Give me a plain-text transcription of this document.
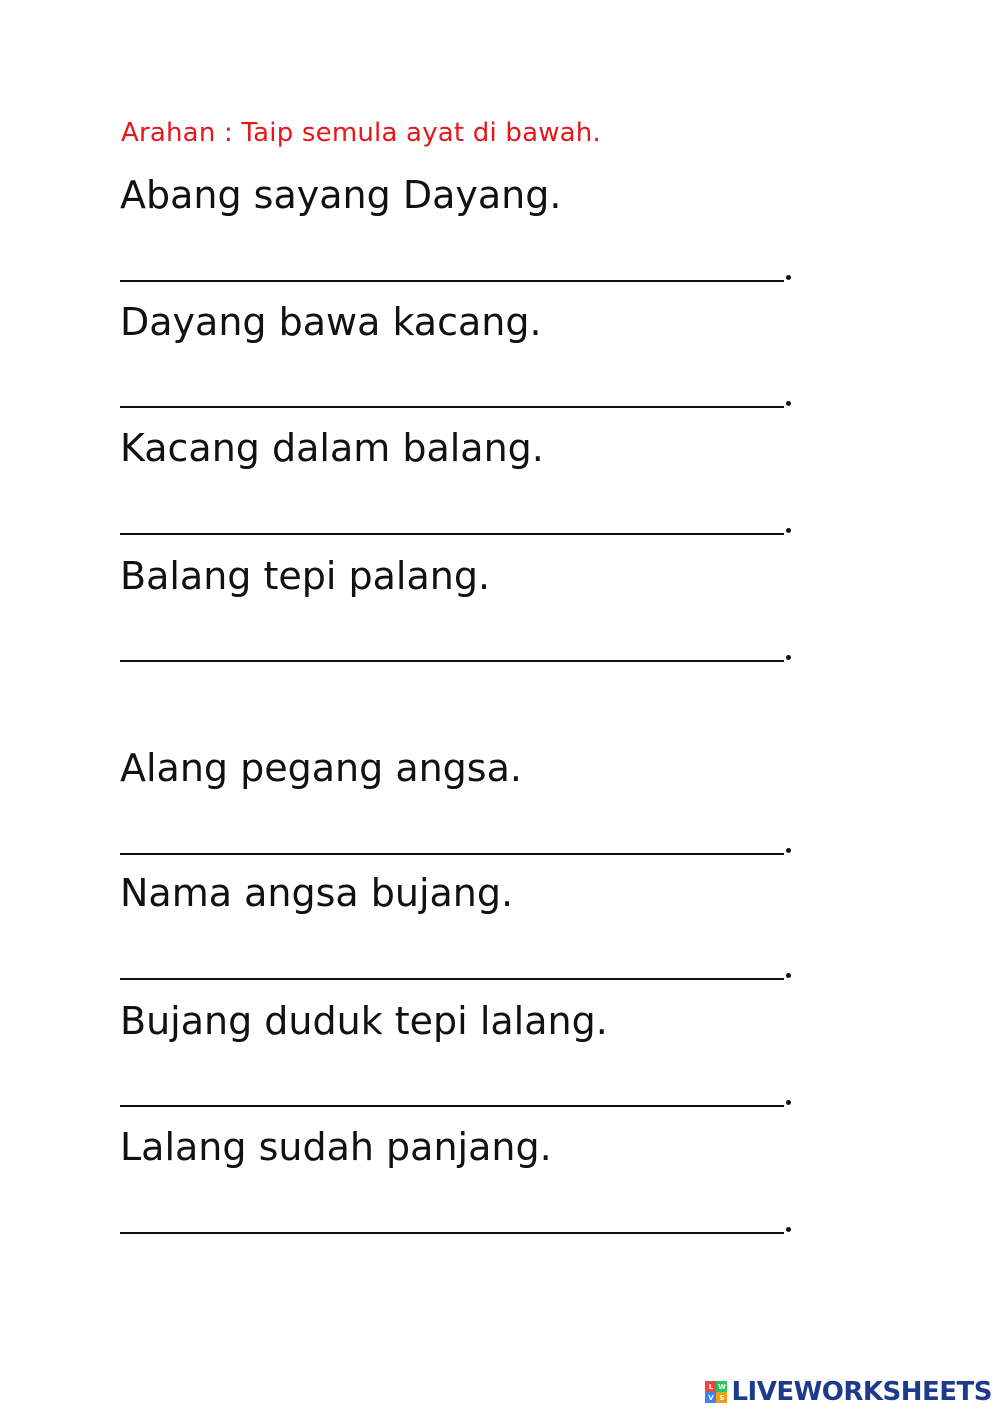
Arahan : Taip semula ayat di bawah.
Abang sayang Dayang.
Dayang bawa kacang.
Kacang dalam balang.
Balang tepi palang.
Alang pegang angsa.
Nama angsa bujang.
Bujang duduk tepi lalang.
Lalang sudah panjang.
L W
V S LIVEWORKSHEETS
